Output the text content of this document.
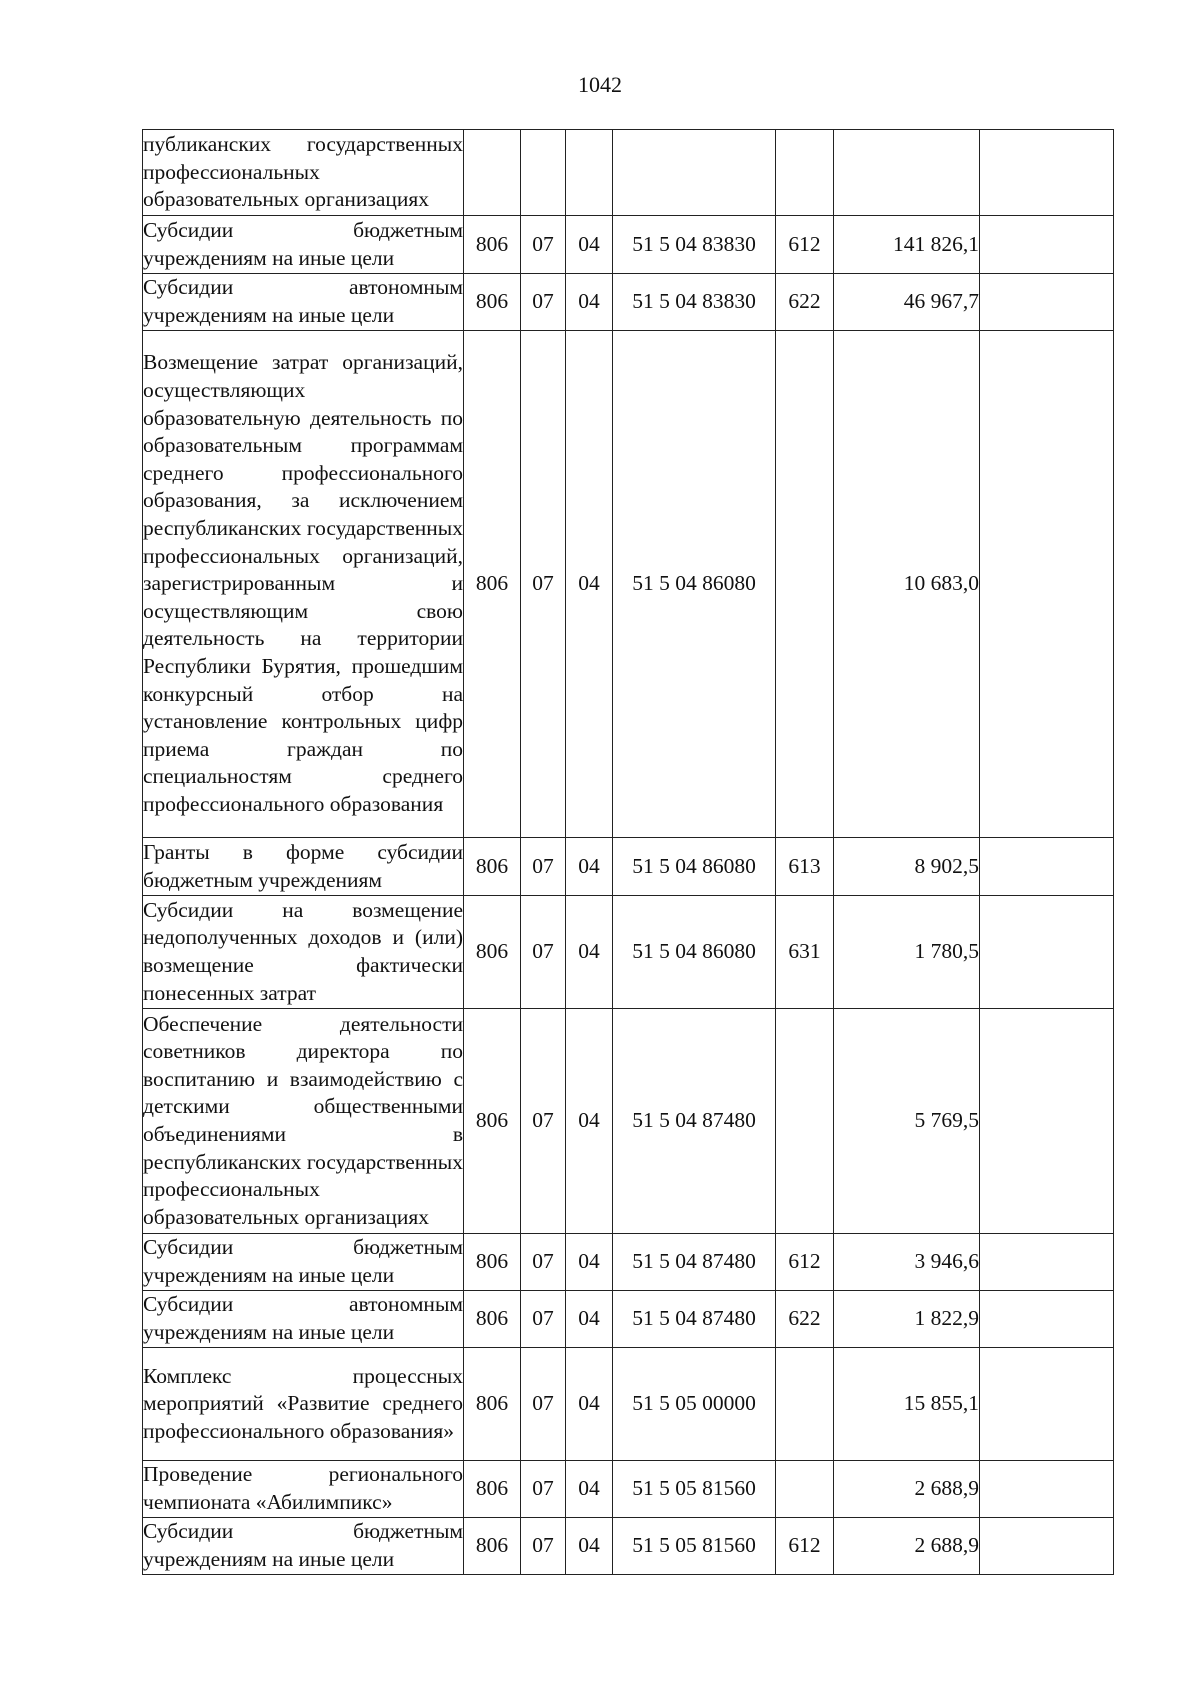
1042
публиканских государственных профессиональных образовательных организациях							
Субсидии бюджетным учреждениям на иные цели	806	07	04	51 5 04 83830	612	141 826,1	
Субсидии автономным учреждениям на иные цели	806	07	04	51 5 04 83830	622	46 967,7	
Возмещение затрат организаций, осуществляющих образовательную деятельность по образовательным программам среднего профессионального образования, за исключением республиканских государственных профессиональных организаций, зарегистрированным и осуществляющим свою деятельность на территории Республики Бурятия, прошедшим конкурсный отбор на установление контрольных цифр приема граждан по специальностям среднего профессионального образования	806	07	04	51 5 04 86080		10 683,0	
Гранты в форме субсидии бюджетным учреждениям	806	07	04	51 5 04 86080	613	8 902,5	
Субсидии на возмещение недополученных доходов и (или) возмещение фактически понесенных затрат	806	07	04	51 5 04 86080	631	1 780,5	
Обеспечение деятельности советников директора по воспитанию и взаимодействию с детскими общественными объединениями в республиканских государственных профессиональных образовательных организациях	806	07	04	51 5 04 87480		5 769,5	
Субсидии бюджетным учреждениям на иные цели	806	07	04	51 5 04 87480	612	3 946,6	
Субсидии автономным учреждениям на иные цели	806	07	04	51 5 04 87480	622	1 822,9	
Комплекс процессных мероприятий «Развитие среднего профессионального образования»	806	07	04	51 5 05 00000		15 855,1	
Проведение регионального чемпионата «Абилимпикс»	806	07	04	51 5 05 81560		2 688,9	
Субсидии бюджетным учреждениям на иные цели	806	07	04	51 5 05 81560	612	2 688,9	
